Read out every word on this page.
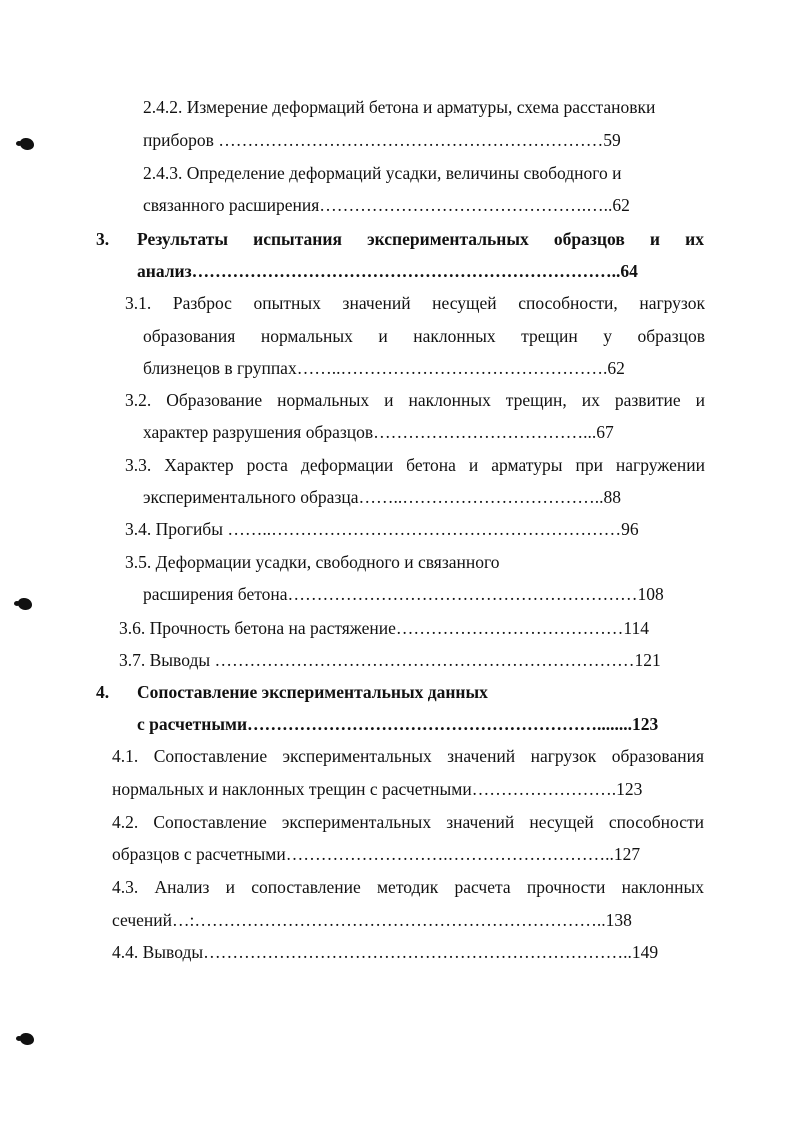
2.4.2. Измерение деформаций бетона и арматуры, схема расстановки
приборов …………………………………………………………59
2.4.3. Определение деформаций усадки, величины свободного и
связанного расширения……………………………………….…..62
3. Результаты испытания экспериментальных образцов и их
анализ………………………………………………………………..64
3.1. Разброс опытных значений несущей способности, нагрузок
образования нормальных и наклонных трещин у образцов
близнецов в группах……..……………………………………….62
3.2. Образование нормальных и наклонных трещин, их развитие и
характер разрушения образцов………………………………...67
3.3. Характер роста деформации бетона и арматуры при нагружении
экспериментального образца……..……………………………..88
3.4. Прогибы ……..……………………………………………………96
3.5. Деформации усадки, свободного и связанного
расширения бетона……………………………………………………108
3.6. Прочность бетона на растяжение…………………………………114
3.7. Выводы ………………………………………………………………121
4. Сопоставление экспериментальных данных
с расчетными……………………………………………………........123
4.1. Сопоставление экспериментальных значений нагрузок образования
нормальных и наклонных трещин с расчетными…………………….123
4.2. Сопоставление экспериментальных значений несущей способности
образцов с расчетными……………………….………………………..127
4.3. Анализ и сопоставление методик расчета прочности наклонных
сечений…:……………………………………………………………..138
4.4. Выводы………………………………………………………………..149
